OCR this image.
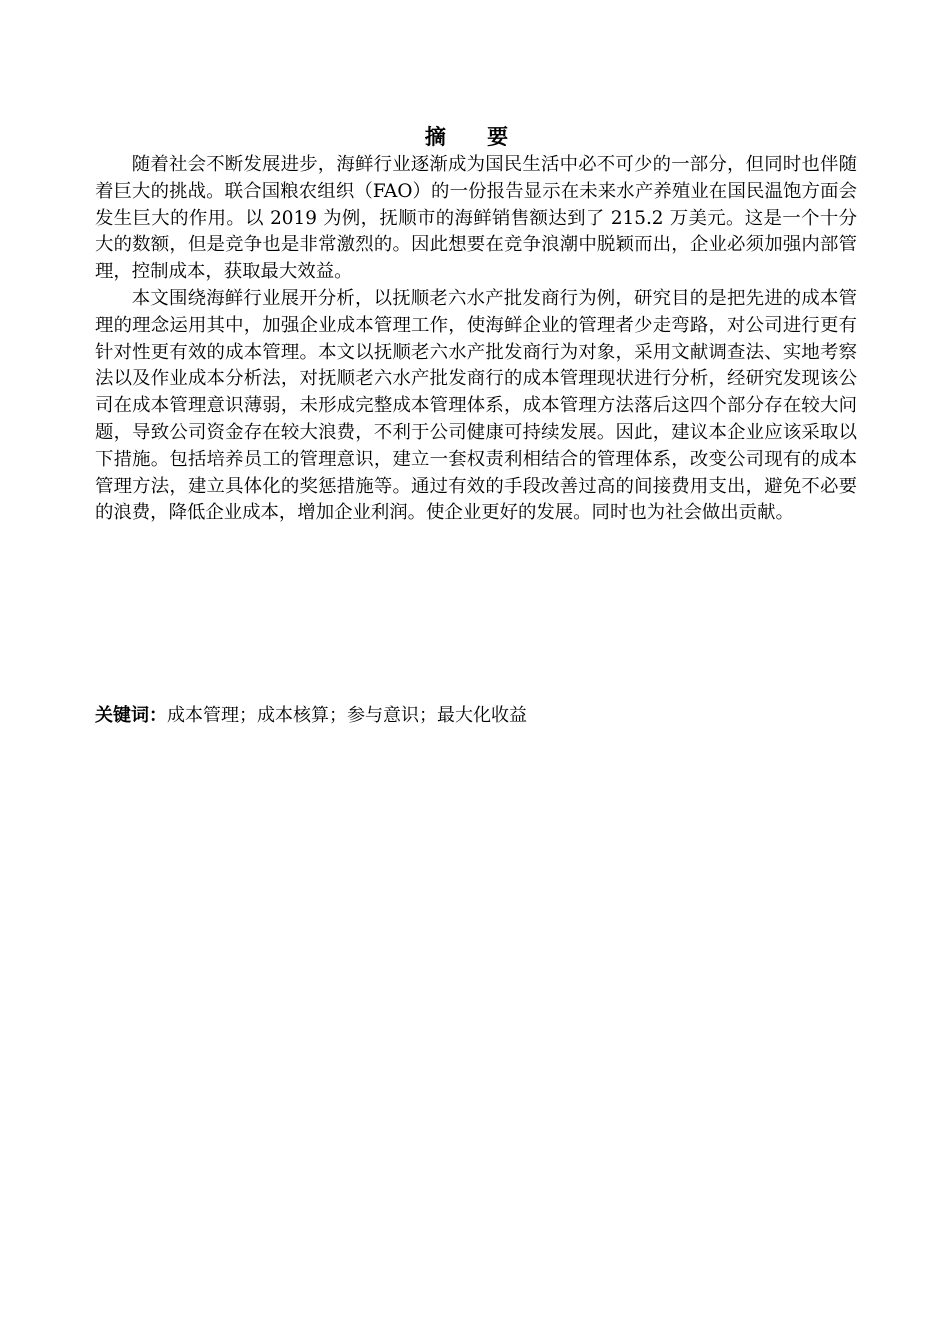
摘 要

随着社会不断发展进步，海鲜行业逐渐成为国民生活中必不可少的一部分，但同时也伴随着巨大的挑战。联合国粮农组织（FAO）的一份报告显示在未来水产养殖业在国民温饱方面会发生巨大的作用。以 2019 为例，抚顺市的海鲜销售额达到了 215.2 万美元。这是一个十分大的数额，但是竞争也是非常激烈的。因此想要在竞争浪潮中脱颖而出，企业必须加强内部管理，控制成本，获取最大效益。

本文围绕海鲜行业展开分析，以抚顺老六水产批发商行为例，研究目的是把先进的成本管理的理念运用其中，加强企业成本管理工作，使海鲜企业的管理者少走弯路，对公司进行更有针对性更有效的成本管理。本文以抚顺老六水产批发商行为对象，采用文献调查法、实地考察法以及作业成本分析法，对抚顺老六水产批发商行的成本管理现状进行分析，经研究发现该公司在成本管理意识薄弱，未形成完整成本管理体系，成本管理方法落后这四个部分存在较大问题，导致公司资金存在较大浪费，不利于公司健康可持续发展。因此，建议本企业应该采取以下措施。包括培养员工的管理意识，建立一套权责利相结合的管理体系，改变公司现有的成本管理方法，建立具体化的奖惩措施等。通过有效的手段改善过高的间接费用支出，避免不必要的浪费，降低企业成本，增加企业利润。使企业更好的发展。同时也为社会做出贡献。

关键词：成本管理；成本核算；参与意识；最大化收益
